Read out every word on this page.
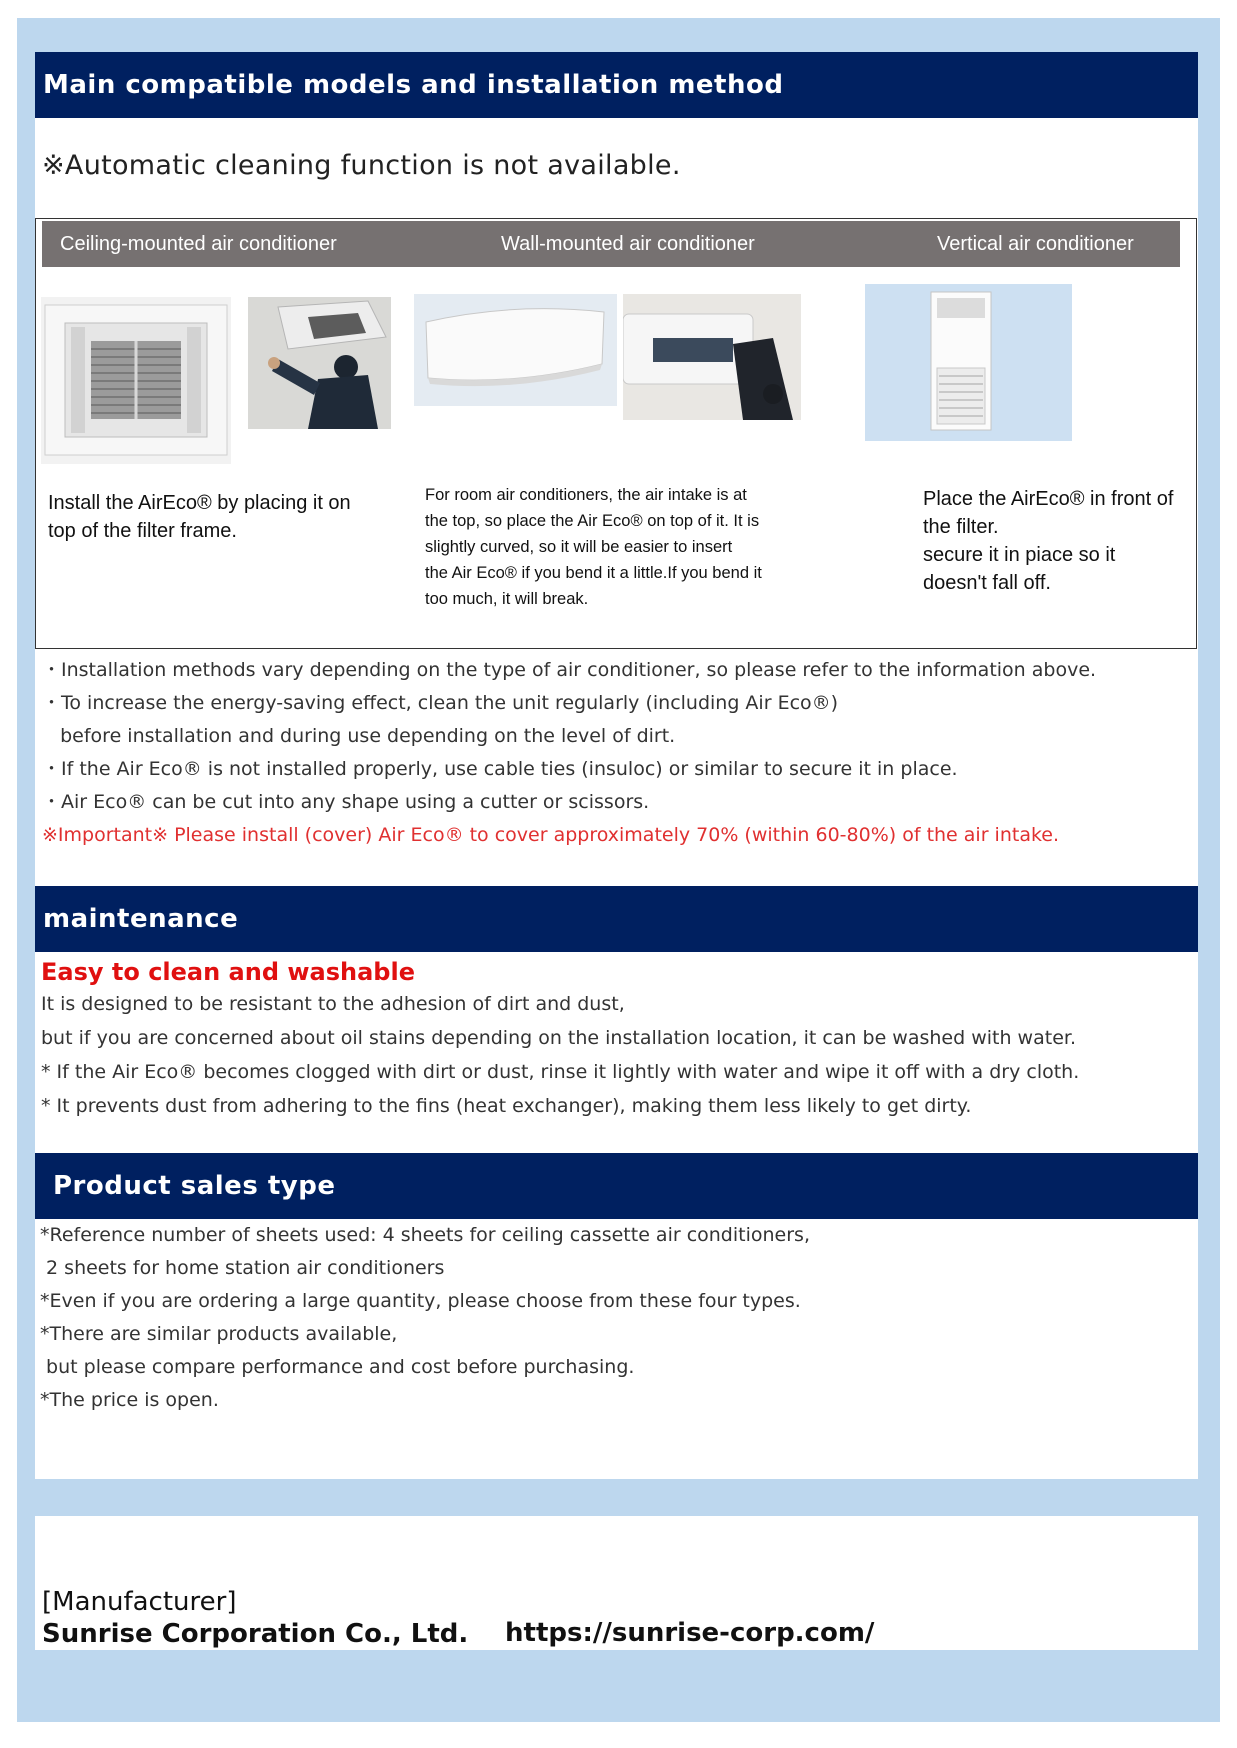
Main compatible models and installation method
※Automatic cleaning function is not available.
Ceiling-mounted air conditioner	Wall-mounted air conditioner	Vertical air conditioner
Install the AirEco® by placing it on
top of the filter frame.
For room air conditioners, the air intake is at
the top, so place the Air Eco® on top of it. It is
slightly curved, so it will be easier to insert
the Air Eco® if you bend it a little.If you bend it
too much, it will break.
Place the AirEco® in front of
the filter.
secure it in piace so it
doesn't fall off.
・Installation methods vary depending on the type of air conditioner, so please refer to the information above.
・To increase the energy-saving effect, clean the unit regularly (including Air Eco®)
before installation and during use depending on the level of dirt.
・If the Air Eco® is not installed properly, use cable ties (insuloc) or similar to secure it in place.
・Air Eco® can be cut into any shape using a cutter or scissors.
※Important※ Please install (cover) Air Eco® to cover approximately 70% (within 60-80%) of the air intake.
maintenance
Easy to clean and washable
It is designed to be resistant to the adhesion of dirt and dust,
but if you are concerned about oil stains depending on the installation location, it can be washed with water.
* If the Air Eco® becomes clogged with dirt or dust, rinse it lightly with water and wipe it off with a dry cloth.
* It prevents dust from adhering to the fins (heat exchanger), making them less likely to get dirty.
Product sales type
*Reference number of sheets used: 4 sheets for ceiling cassette air conditioners,
2 sheets for home station air conditioners
*Even if you are ordering a large quantity, please choose from these four types.
*There are similar products available,
but please compare performance and cost before purchasing.
*The price is open.
[Manufacturer]
Sunrise Corporation Co., Ltd. https://sunrise-corp.com/
